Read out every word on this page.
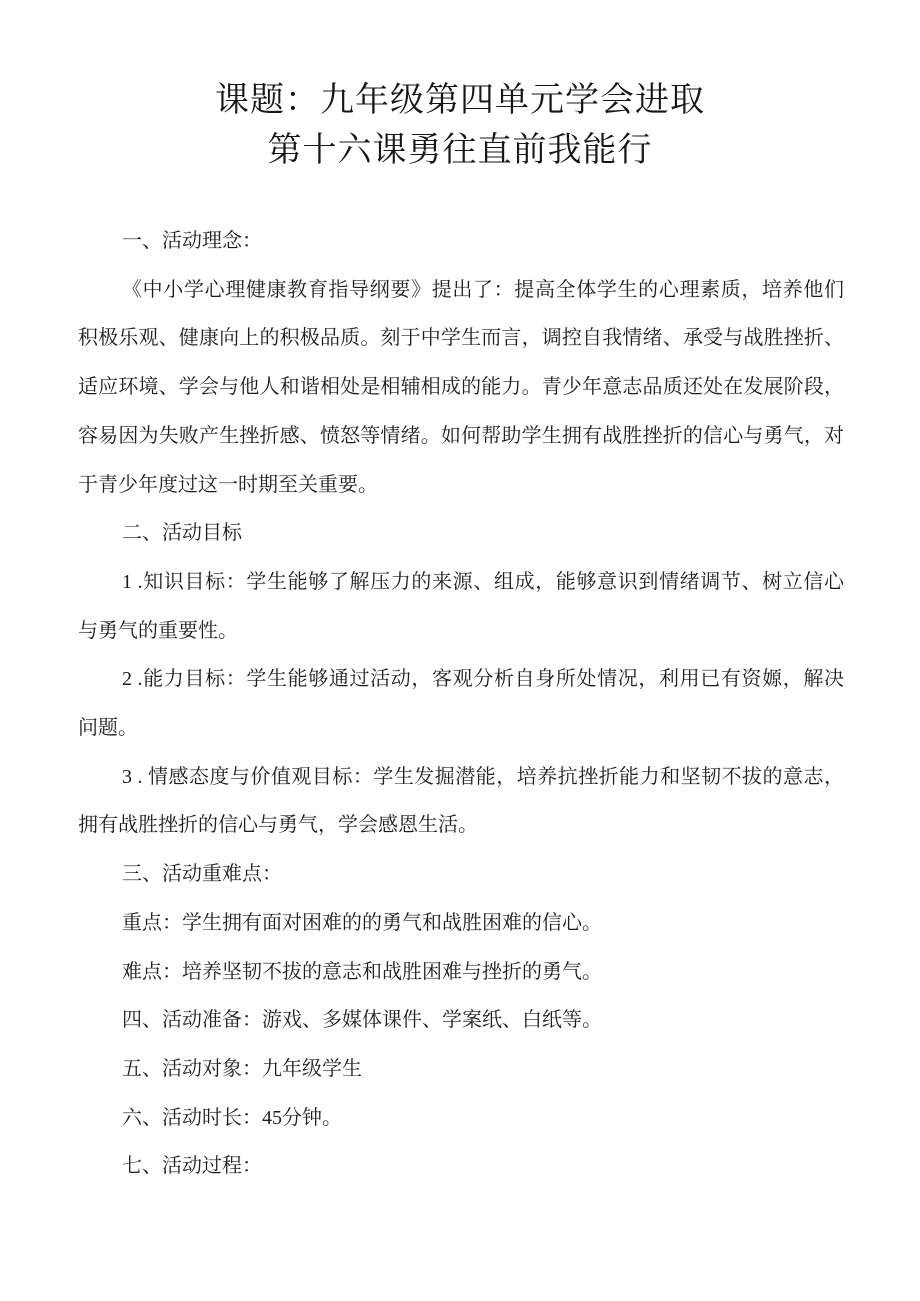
课题：九年级第四单元学会进取
第十六课勇往直前我能行
一、活动理念：
《中小学心理健康教育指导纲要》提出了：提高全体学生的心理素质，培养他们
积极乐观、健康向上的积极品质。刻于中学生而言，调控自我情绪、承受与战胜挫折、
适应环境、学会与他人和谐相处是相辅相成的能力。青少年意志品质还处在发展阶段，
容易因为失败产生挫折感、愤怒等情绪。如何帮助学生拥有战胜挫折的信心与勇气，对
于青少年度过这一时期至关重要。
二、活动目标
1 .知识目标：学生能够了解压力的来源、组成，能够意识到情绪调节、树立信心
与勇气的重要性。
2 .能力目标：学生能够通过活动，客观分析自身所处情况，利用已有资嫄，解决
问题。
3 . 情感态度与价值观目标：学生发掘潜能，培养抗挫折能力和坚韧不拔的意志，
拥有战胜挫折的信心与勇气，学会感恩生活。
三、活动重难点：
重点：学生拥有面对困难的的勇气和战胜困难的信心。
难点：培养坚韧不拔的意志和战胜困难与挫折的勇气。
四、活动准备：游戏、多媒体课件、学案纸、白纸等。
五、活动对象：九年级学生
六、活动时长：45分钟。
七、活动过程：
